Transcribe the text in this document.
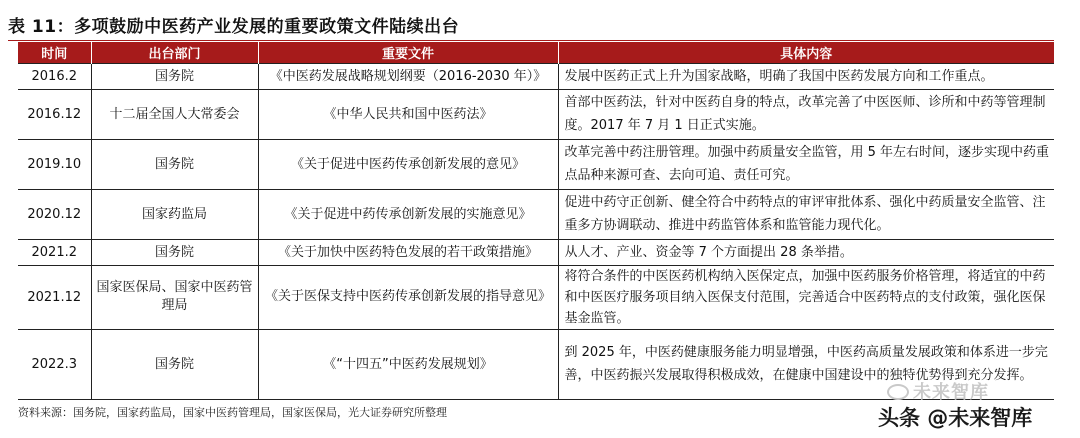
表 11：多项鼓励中医药产业发展的重要政策文件陆续出台
时间	出台部门	重要文件	具体内容
2016.2	国务院	《中医药发展战略规划纲要（2016-2030 年）》	发展中医药正式上升为国家战略，明确了我国中医药发展方向和工作重点。
2016.12	十二届全国人大常委会	《中华人民共和国中医药法》	首部中医药法，针对中医药自身的特点，改革完善了中医医师、诊所和中药等管理制度。2017 年 7 月 1 日正式实施。
2019.10	国务院	《关于促进中医药传承创新发展的意见》	改革完善中药注册管理。加强中药质量安全监管，用 5 年左右时间，逐步实现中药重点品种来源可查、去向可追、责任可究。
2020.12	国家药监局	《关于促进中药传承创新发展的实施意见》	促进中药守正创新、健全符合中药特点的审评审批体系、强化中药质量安全监管、注重多方协调联动、推进中药监管体系和监管能力现代化。
2021.2	国务院	《关于加快中医药特色发展的若干政策措施》	从人才、产业、资金等 7 个方面提出 28 条举措。
2021.12	国家医保局、国家中医药管理局	《关于医保支持中医药传承创新发展的指导意见》	将符合条件的中医医药机构纳入医保定点，加强中医药服务价格管理，将适宜的中药和中医医疗服务项目纳入医保支付范围，完善适合中医药特点的支付政策，强化医保基金监管。
2022.3	国务院	《“十四五”中医药发展规划》	到 2025 年，中医药健康服务能力明显增强，中医药高质量发展政策和体系进一步完善，中医药振兴发展取得积极成效，在健康中国建设中的独特优势得到充分发挥。
资料来源：国务院，国家药监局，国家中医药管理局，国家医保局，光大证券研究所整理
未来智库
头条 @未来智库
